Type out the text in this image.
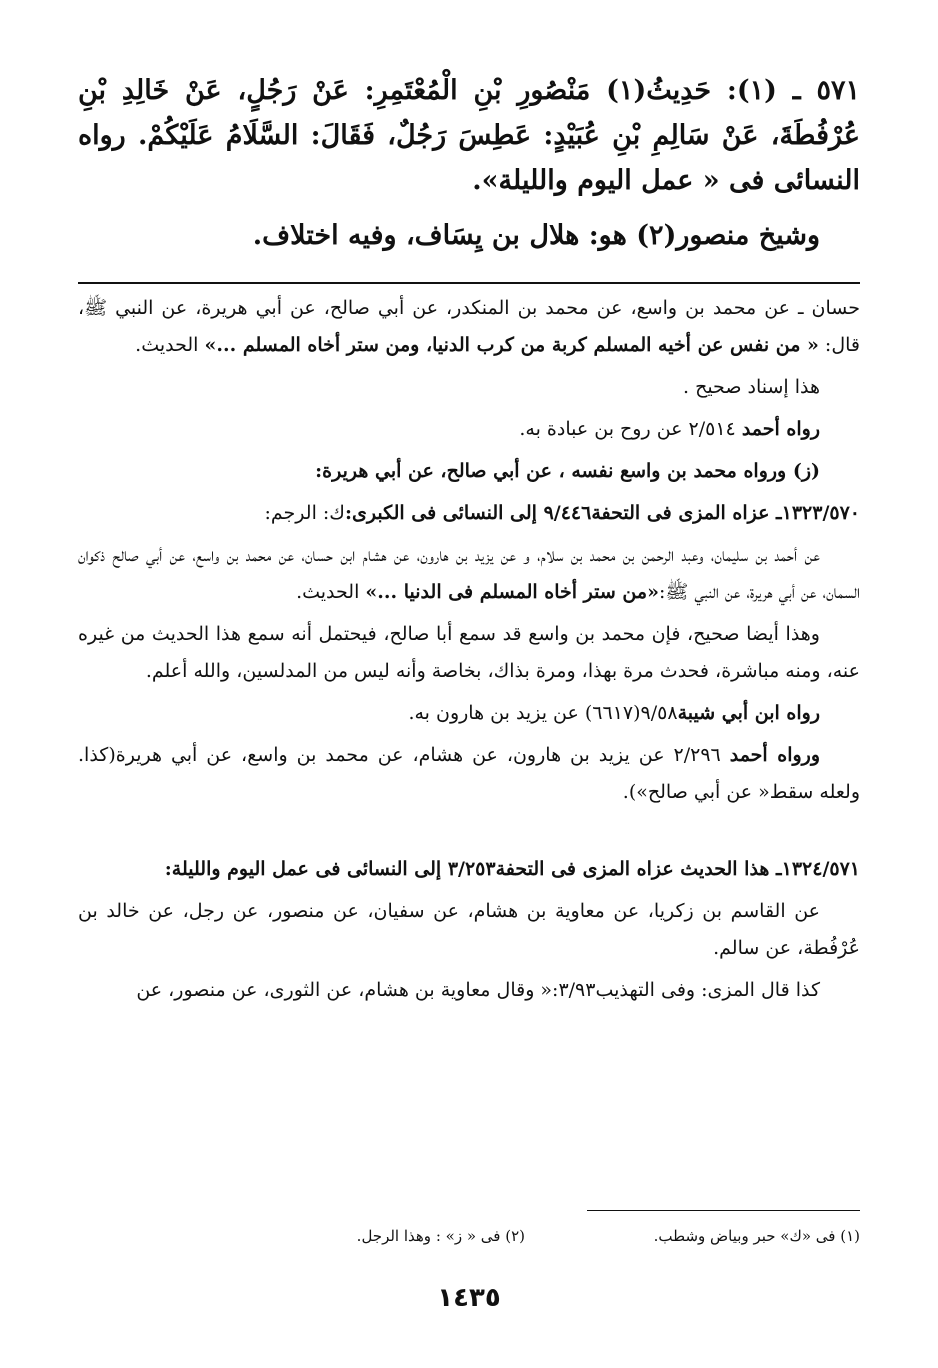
٥٧١ ـ (١): حَدِيثُ(١) مَنْصُورِ بْنِ الْمُعْتَمِرِ: عَنْ رَجُلٍ، عَنْ خَالِدِ بْنِ عُرْفُطَةَ، عَنْ سَالِمِ بْنِ عُبَيْدٍ: عَطِسَ رَجُلٌ، فَقَالَ: السَّلَامُ عَلَيْكُمْ. رواه النسائى فى « عمل اليوم والليلة».

وشيخ منصور(٢) هو: هلال بن يِسَاف، وفيه اختلاف.

حسان ـ عن محمد بن واسع، عن محمد بن المنكدر، عن أبي صالح، عن أبي هريرة، عن النبي ﷺ، قال: « من نفس عن أخيه المسلم كربة من كرب الدنيا، ومن ستر أخاه المسلم ...» الحديث.

هذا إسناد صحيح .

رواه أحمد ٢/٥١٤ عن روح بن عبادة به.

(ز) ورواه محمد بن واسع نفسه ، عن أبي صالح، عن أبي هريرة:

١٣٢٣/٥٧٠ـ عزاه المزى فى التحفة٩/٤٤٦ إلى النسائى فى الكبرى:ك: الرجم:

عن أحمد بن سليمان، وعبد الرحمن بن محمد بن سلام، و عن يزيد بن هارون، عن هشام ابن حسان، عن محمد بن واسع، عن أبي صالح ذكوان السمان، عن أبي هريرة، عن النبي ﷺ:«من ستر أخاه المسلم فى الدنيا ...» الحديث.

وهذا أيضا صحيح، فإن محمد بن واسع قد سمع أبا صالح، فيحتمل أنه سمع هذا الحديث من غيره عنه، ومنه مباشرة، فحدث مرة بهذا، ومرة بذاك، بخاصة وأنه ليس من المدلسين، والله أعلم.

رواه ابن أبي شيبة٩/٥٨(٦٦١٧) عن يزيد بن هارون به.

ورواه أحمد ٢/٢٩٦ عن يزيد بن هارون، عن هشام، عن محمد بن واسع، عن أبي هريرة(كذا. ولعله سقط« عن أبي صالح»).

١٣٢٤/٥٧١ـ هذا الحديث عزاه المزى فى التحفة٣/٢٥٣ إلى النسائى فى عمل اليوم والليلة:

عن القاسم بن زكريا، عن معاوية بن هشام، عن سفيان، عن منصور، عن رجل، عن خالد بن عُرْفُطة، عن سالم.

كذا قال المزى: وفى التهذيب٣/٩٣:« وقال معاوية بن هشام، عن الثورى، عن منصور، عن

(١) فى «ك» حبر وبياض وشطب.
(٢) فى « ز» : وهذا الرجل.
١٤٣٥
